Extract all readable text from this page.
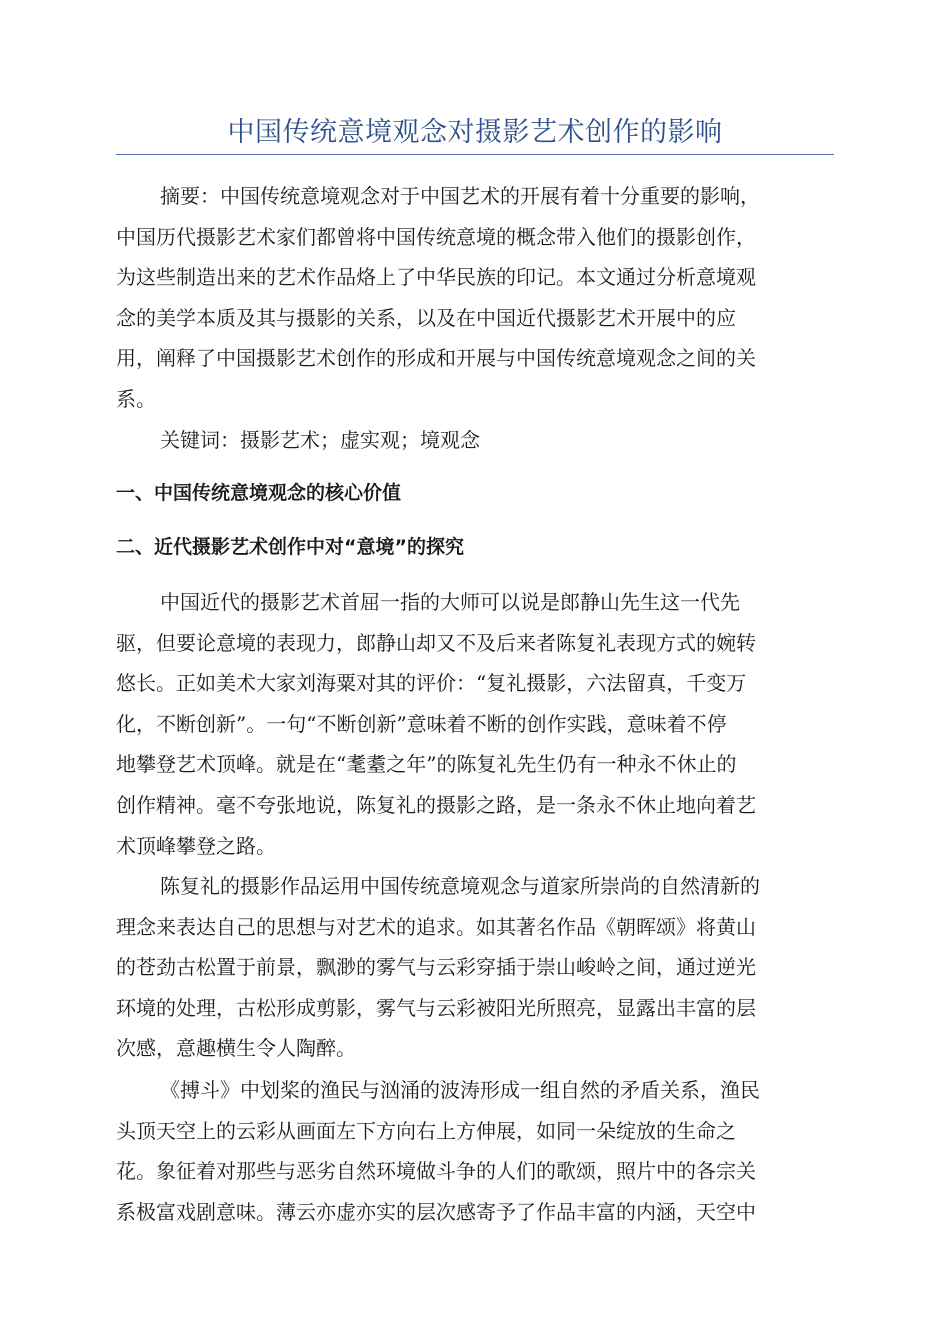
中国传统意境观念对摄影艺术创作的影响
摘要：中国传统意境观念对于中国艺术的开展有着十分重要的影响，
中国历代摄影艺术家们都曾将中国传统意境的概念带入他们的摄影创作，
为这些制造出来的艺术作品烙上了中华民族的印记。本文通过分析意境观
念的美学本质及其与摄影的关系，以及在中国近代摄影艺术开展中的应
用，阐释了中国摄影艺术创作的形成和开展与中国传统意境观念之间的关
系。
关键词：摄影艺术；虚实观；境观念
一、中国传统意境观念的核心价值
二、近代摄影艺术创作中对“意境”的探究
中国近代的摄影艺术首屈一指的大师可以说是郎静山先生这一代先
驱，但要论意境的表现力，郎静山却又不及后来者陈复礼表现方式的婉转
悠长。正如美术大家刘海粟对其的评价：“复礼摄影，六法留真，千变万
化，不断创新”。一句“不断创新”意味着不断的创作实践，意味着不停
地攀登艺术顶峰。就是在“耄耋之年”的陈复礼先生仍有一种永不休止的
创作精神。毫不夸张地说，陈复礼的摄影之路，是一条永不休止地向着艺
术顶峰攀登之路。
陈复礼的摄影作品运用中国传统意境观念与道家所崇尚的自然清新的
理念来表达自己的思想与对艺术的追求。如其著名作品《朝晖颂》将黄山
的苍劲古松置于前景，飘渺的雾气与云彩穿插于崇山峻岭之间，通过逆光
环境的处理，古松形成剪影，雾气与云彩被阳光所照亮，显露出丰富的层
次感，意趣横生令人陶醉。
《搏斗》中划桨的渔民与汹涌的波涛形成一组自然的矛盾关系，渔民
头顶天空上的云彩从画面左下方向右上方伸展，如同一朵绽放的生命之
花。象征着对那些与恶劣自然环境做斗争的人们的歌颂，照片中的各宗关
系极富戏剧意味。薄云亦虚亦实的层次感寄予了作品丰富的内涵，天空中
